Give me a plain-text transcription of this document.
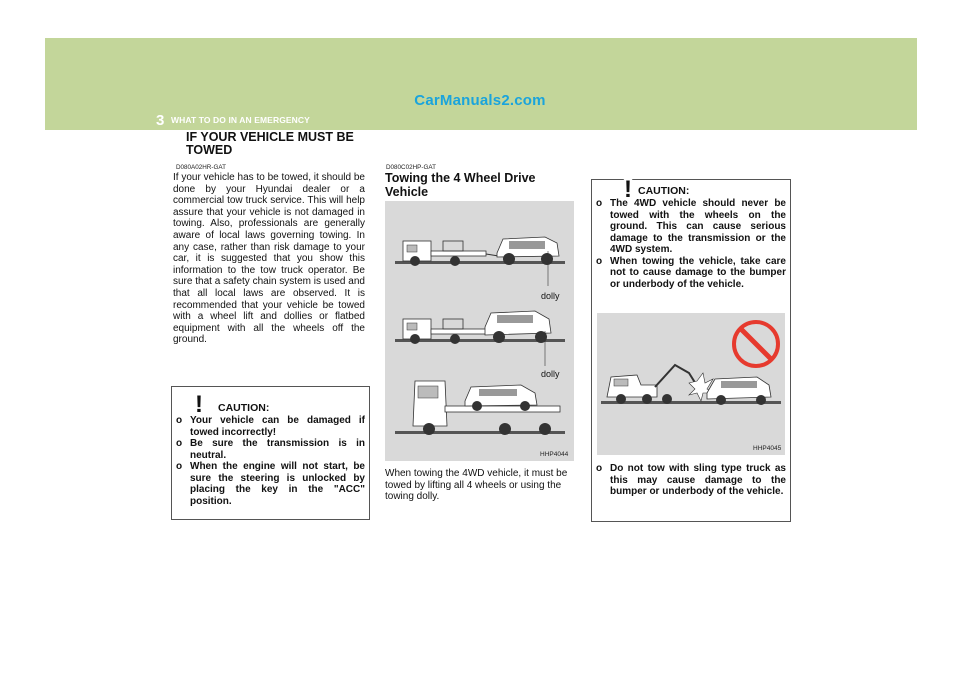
CarManuals2.com
3 WHAT TO DO IN AN EMERGENCY
14 IF YOUR VEHICLE MUST BE
TOWED
D080A02HR-GAT
If your vehicle has to be towed, it should be done by your Hyundai dealer or a commercial tow truck service. This will help assure that your vehicle is not damaged in towing. Also, professionals are generally aware of local laws governing towing. In any case, rather than risk damage to your car, it is suggested that you show this information to the tow truck operator. Be sure that a safety chain system is used and that all local laws are observed. It is recommended that your vehicle be towed with a wheel lift and dollies or flatbed equipment with all the wheels off the ground.
! CAUTION:
o Your vehicle can be damaged if towed incorrectly!
o Be sure the transmission is in neutral.
o When the engine will not start, be sure the steering is unlocked by placing the key in the "ACC" position.
D080C02HP-GAT
Towing the 4 Wheel Drive Vehicle
dolly
dolly
HHP4044
When towing the 4WD vehicle, it must be towed by lifting all 4 wheels or using the towing dolly.
! CAUTION:
o The 4WD vehicle should never be towed with the wheels on the ground. This can cause serious damage to the transmission or the 4WD system.
o When towing the vehicle, take care not to cause damage to the bumper or underbody of the vehicle.
o Do not tow with sling type truck as this may cause damage to the bumper or underbody of the vehicle.
HHP4045
